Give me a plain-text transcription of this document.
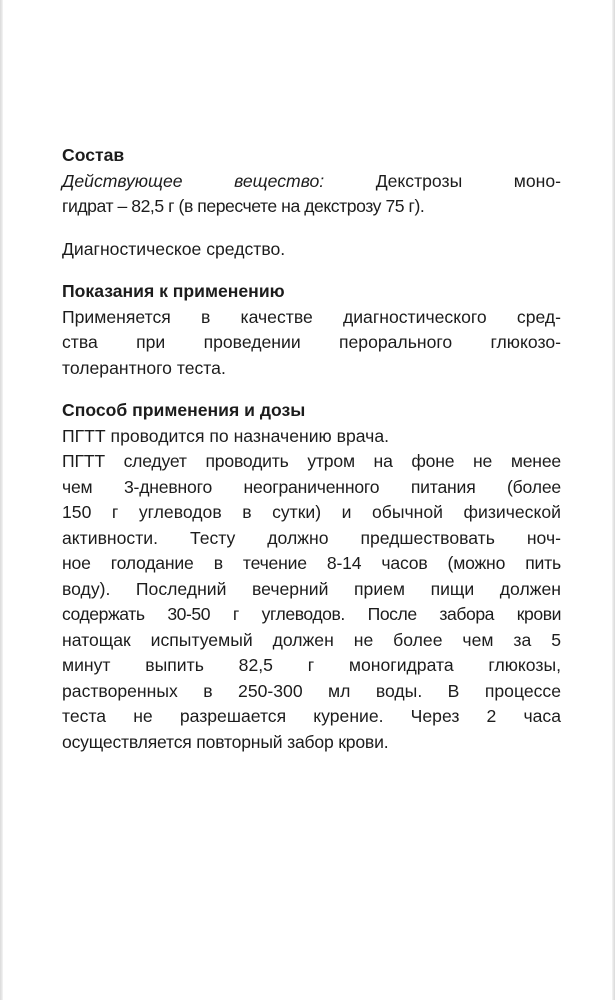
Состав
Действующее вещество: Декстрозы моно-
гидрат – 82,5 г (в пересчете на декстрозу 75 г).
Диагностическое средство.
Показания к применению
Применяется в качестве диагностического сред-
ства при проведении перорального глюкозо-
толерантного теста.
Способ применения и дозы
ПГТТ проводится по назначению врача.
ПГТТ следует проводить утром на фоне не менее
чем 3-дневного неограниченного питания (более
150 г углеводов в сутки) и обычной физической
активности. Тесту должно предшествовать ноч-
ное голодание в течение 8-14 часов (можно пить
воду). Последний вечерний прием пищи должен
содержать 30-50 г углеводов. После забора крови
натощак испытуемый должен не более чем за 5
минут выпить 82,5 г моногидрата глюкозы,
растворенных в 250-300 мл воды. В процессе
теста не разрешается курение. Через 2 часа
осуществляется повторный забор крови.
